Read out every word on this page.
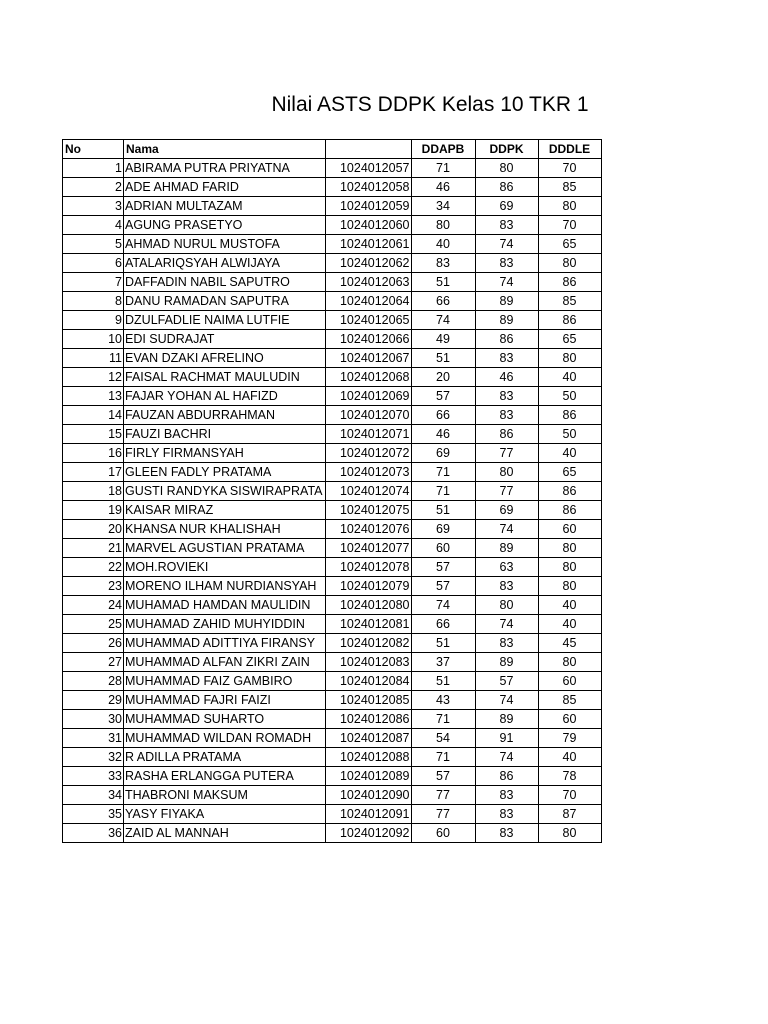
Nilai ASTS DDPK Kelas 10 TKR 1
No	Nama		DDAPB	DDPK	DDDLE
1	ABIRAMA PUTRA PRIYATNA	1024012057	71	80	70
2	ADE AHMAD FARID	1024012058	46	86	85
3	ADRIAN MULTAZAM	1024012059	34	69	80
4	AGUNG PRASETYO	1024012060	80	83	70
5	AHMAD NURUL MUSTOFA	1024012061	40	74	65
6	ATALARIQSYAH ALWIJAYA	1024012062	83	83	80
7	DAFFADIN NABIL SAPUTRO	1024012063	51	74	86
8	DANU RAMADAN SAPUTRA	1024012064	66	89	85
9	DZULFADLIE NAIMA LUTFIE	1024012065	74	89	86
10	EDI SUDRAJAT	1024012066	49	86	65
11	EVAN DZAKI AFRELINO	1024012067	51	83	80
12	FAISAL RACHMAT MAULUDIN	1024012068	20	46	40
13	FAJAR YOHAN AL HAFIZD	1024012069	57	83	50
14	FAUZAN ABDURRAHMAN	1024012070	66	83	86
15	FAUZI BACHRI	1024012071	46	86	50
16	FIRLY FIRMANSYAH	1024012072	69	77	40
17	GLEEN FADLY PRATAMA	1024012073	71	80	65
18	GUSTI RANDYKA SISWIRAPRATA	1024012074	71	77	86
19	KAISAR MIRAZ	1024012075	51	69	86
20	KHANSA NUR KHALISHAH	1024012076	69	74	60
21	MARVEL AGUSTIAN PRATAMA	1024012077	60	89	80
22	MOH.ROVIEKI	1024012078	57	63	80
23	MORENO ILHAM NURDIANSYAH	1024012079	57	83	80
24	MUHAMAD HAMDAN MAULIDIN	1024012080	74	80	40
25	MUHAMAD ZAHID MUHYIDDIN	1024012081	66	74	40
26	MUHAMMAD ADITTIYA FIRANSY	1024012082	51	83	45
27	MUHAMMAD ALFAN ZIKRI ZAIN	1024012083	37	89	80
28	MUHAMMAD FAIZ GAMBIRO	1024012084	51	57	60
29	MUHAMMAD FAJRI FAIZI	1024012085	43	74	85
30	MUHAMMAD SUHARTO	1024012086	71	89	60
31	MUHAMMAD WILDAN ROMADH	1024012087	54	91	79
32	R ADILLA PRATAMA	1024012088	71	74	40
33	RASHA ERLANGGA PUTERA	1024012089	57	86	78
34	THABRONI MAKSUM	1024012090	77	83	70
35	YASY FIYAKA	1024012091	77	83	87
36	ZAID AL MANNAH	1024012092	60	83	80
